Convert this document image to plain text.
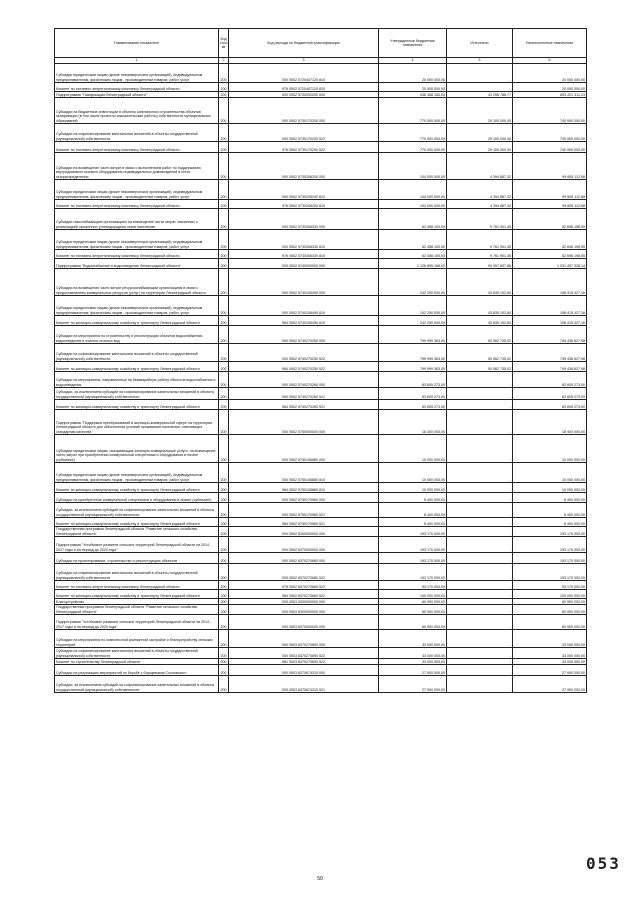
Наименование показателя	Код стро ки	Код расхода по бюджетной классификации	Утвержденные бюджетные назначения	Исполнено	Неисполненные назначения
1	2	3	4	5	6
Субсидии юридическим лицам (кроме некоммерческих организаций), индивидуальным предпринимателям, физическим лицам - производителям товаров, работ, услуг	200	000 0502 5720407120 810	20 000 000,00	-	20 000 000,00
Комитет по топливно-энергетическому комплексу Ленинградской области	200	976 0502 5720407120 810	20 000 000,00	-	20 000 000,00
Подпрограмма "Газификация Ленинградской области"	200	000 0502 5730000000 000	936 458 100,00	43 256 788,77	893 201 311,23
Субсидии на бюджетные инвестиции в объекты капитального строительства объектов газификации (в том числе проектно-изыскательские работы) собственности муниципальных образований	200	000 0502 5730170200 000	770 000 000,00	29 100 000,00	740 900 000,00
Субсидии на софинансирование капитальных вложений в объекты государственной (муниципальной) собственности	200	000 0502 5730170200 522	770 000 000,00	29 100 000,00	740 900 000,00
Комитет по топливно-энергетическому комплексу Ленинградской области	200	976 0502 5730170200 522	770 000 000,00	29 100 000,00	740 900 000,00
Субсидии на возмещение части затрат в связи с выполнением работ по поддержанию внутридомового газового оборудования индивидуальных домовладений в сетях газораспределения	200	000 0502 5730206200 000	104 000 000,00	4 394 887,32	99 605 112,68
Субсидии юридическим лицам (кроме некоммерческих организаций), индивидуальным предпринимателям, физическим лицам - производителям товаров, работ, услуг	200	000 0502 5730206200 810	104 000 000,00	4 394 887,32	99 605 112,68
Комитет по топливно-энергетическому комплексу Ленинградской области	200	976 0502 5730206200 810	104 000 000,00	4 394 887,32	99 605 112,68
Субсидии газоснабжающим организациям на возмещение части затрат, связанных с реализацией сжиженных углеводородных газов населению	200	000 0502 5730306330 000	62 458 100,00	9 761 901,45	52 696 198,55
Субсидии юридическим лицам (кроме некоммерческих организаций), индивидуальным предпринимателям, физическим лицам - производителям товаров, работ, услуг	200	000 0502 5730306330 810	62 458 100,00	9 761 901,45	52 696 198,55
Комитет по топливно-энергетическому комплексу Ленинградской области	200	976 0502 5730306330 810	62 458 100,00	9 761 901,45	52 696 198,55
Подпрограмма "Водоснабжение и водоотведение Ленинградской области"	200	000 0502 5740000000 000	1 126 895 168,00	94 397 837,86	1 031 497 328,14
Субсидии на возмещение части затрат ресурсоснабжающим организациям в связи с предоставлением коммунальных ресурсов (услуг) на территории Ленинградской области	200	000 0502 5740106490 000	242 250 530,00	43 835 102,84	198 415 427,16
Субсидии юридическим лицам (кроме некоммерческих организаций), индивидуальным предпринимателям, физическим лицам - производителям товаров, работ, услуг	200	000 0502 5740106490 810	242 250 530,00	43 835 102,84	198 415 427,16
Комитет по жилищно-коммунальному хозяйству и транспорту Ленинградской области	200	984 0502 5740106490 810	242 250 530,00	43 835 102,84	198 415 427,16
Субсидии на мероприятия по строительству и реконструкции объектов водоснабжения, водоотведения и очистки сточных вод	200	000 0502 5740270250 000	799 999 363,00	50 562 735,02	749 436 627,98
Субсидии на софинансирование капитальных вложений в объекты государственной (муниципальной) собственности	200	000 0502 5740270250 522	799 999 363,00	50 562 735,02	749 436 627,98
Комитет по жилищно-коммунальному хозяйству и транспорту Ленинградской области	200	984 0502 5740270250 522	799 999 363,00	50 562 735,02	749 436 627,98
Субсидии на мероприятия, направленные на безаварийную работу объектов водоснабжения и водоотведения	200	000 0502 5740270260 000	83 605 273,00	-	83 605 273,00
Субсидии, за исключением субсидий на софинансирование капитальных вложений в объекты государственной (муниципальной) собственности	200	000 0502 5740270260 521	83 605 273,00	-	83 605 273,00
Комитет по жилищно-коммунальному хозяйству и транспорту Ленинградской области	200	984 0502 5740270260 521	83 605 273,00	-	83 605 273,00
Подпрограмма "Поддержка преобразований в жилищно-коммунальной сфере на территории Ленинградской области для обеспечения условий проживания населения, отвечающих стандартам качества"	200	000 0502 5750000000 000	18 400 000,00	-	18 400 000,00
Субсидии юридическим лицам, оказывающим жилищно-коммунальные услуги, на возмещение части затрат при приобретении коммунальной спецтехники и оборудования в лизинг (сублизинг)	200	000 0502 5750106880 000	10 000 000,00	-	10 000 000,00
Субсидии юридическим лицам (кроме некоммерческих организаций), индивидуальным предпринимателям, физическим лицам - производителям товаров, работ, услуг	200	000 0502 5750106880 810	10 000 000,00	-	10 000 000,00
Комитет по жилищно-коммунальному хозяйству и транспорту Ленинградской области	200	984 0502 5750106880 810	10 000 000,00	-	10 000 000,00
Субсидии на приобретение коммунальной спецтехники и оборудования в лизинг (сублизинг)	200	000 0502 5750170560 000	8 400 000,00	-	8 400 000,00
Субсидии, за исключением субсидий на софинансирование капитальных вложений в объекты государственной (муниципальной) собственности	200	000 0502 5750170560 521	8 400 000,00	-	8 400 000,00
Комитет по жилищно-коммунальному хозяйству и транспорту Ленинградской области	200	984 0502 5750170560 521	8 400 000,00	-	8 400 000,00
Государственная программа Ленинградской области "Развитие сельского хозяйства Ленинградской области"	200	000 0502 8300000000 000	193 170 000,00	-	193 170 000,00
Подпрограмма "Устойчивое развитие сельских территорий Ленинградской области на 2014 - 2017 годы и на период до 2020 года"	200	000 0502 8370000000 000	193 170 000,00	-	193 170 000,00
Субсидии на проектирование, строительство и реконструкцию объектов	200	000 0502 8370270680 000	193 170 000,00	-	193 170 000,00
Субсидии на софинансирование капитальных вложений в объекты государственной (муниципальной) собственности	200	000 0502 8370270680 522	193 170 000,00	-	193 170 000,00
Комитет по топливно-энергетическому комплексу Ленинградской области	200	976 0502 8370270680 522	93 170 000,00	-	93 170 000,00
Комитет по жилищно-коммунальному хозяйству и транспорту Ленинградской области	200	984 0502 8370270680 522	100 000 000,00	-	100 000 000,00
Благоустройство	200	000 0503 0000000000 000	60 900 000,00	-	60 900 000,00
Государственная программа Ленинградской области "Развитие сельского хозяйства Ленинградской области"	200	000 0503 8300000000 000	60 900 000,00	-	60 900 000,00
Подпрограмма "Устойчивое развитие сельских территорий Ленинградской области на 2014 - 2017 годы и на период до 2020 года"	200	000 0503 8370000000 000	60 900 000,00	-	60 900 000,00
Субсидии на мероприятия по комплексной компактной застройке и благоустройству сельских территорий	200	000 0503 8370270690 000	33 000 000,00	-	33 000 000,00
Субсидии на софинансирование капитальных вложений в объекты государственной (муниципальной) собственности	200	000 0503 8370270690 522	33 000 000,00	-	33 000 000,00
Комитет по строительству Ленинградской области	200	981 0503 8370270690 522	33 000 000,00	-	33 000 000,00
Субсидии на реализацию мероприятий по борьбе с борщевиком Сосновского	200	000 0503 8370674310 000	27 900 000,00	-	27 900 000,00
Субсидии, за исключением субсидий на софинансирование капитальных вложений в объекты государственной (муниципальной) собственности	200	000 0503 8370674310 521	27 900 000,00	-	27 900 000,00
50
053
